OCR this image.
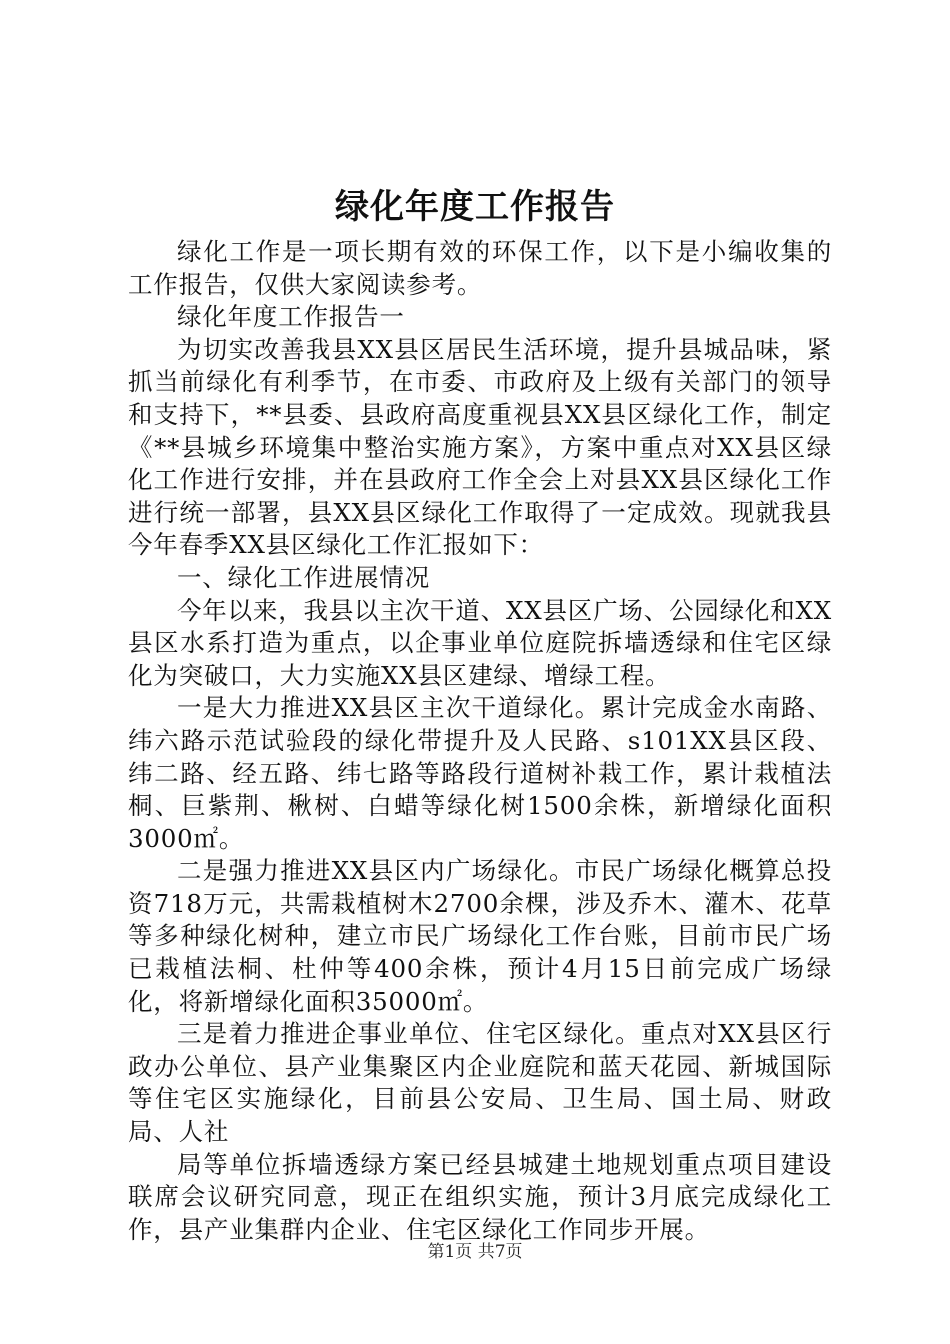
绿化年度工作报告

绿化工作是一项长期有效的环保工作，以下是小编收集的工作报告，仅供大家阅读参考。

绿化年度工作报告一

为切实改善我县XX县区居民生活环境，提升县城品味，紧抓当前绿化有利季节，在市委、市政府及上级有关部门的领导和支持下，**县委、县政府高度重视县XX县区绿化工作，制定《**县城乡环境集中整治实施方案》，方案中重点对XX县区绿化工作进行安排，并在县政府工作全会上对县XX县区绿化工作进行统一部署，县XX县区绿化工作取得了一定成效。现就我县今年春季XX县区绿化工作汇报如下：

一、绿化工作进展情况

今年以来，我县以主次干道、XX县区广场、公园绿化和XX县区水系打造为重点，以企事业单位庭院拆墙透绿和住宅区绿化为突破口，大力实施XX县区建绿、增绿工程。

一是大力推进XX县区主次干道绿化。累计完成金水南路、纬六路示范试验段的绿化带提升及人民路、s101XX县区段、纬二路、经五路、纬七路等路段行道树补栽工作，累计栽植法桐、巨紫荆、楸树、白蜡等绿化树1500余株，新增绿化面积3000㎡。

二是强力推进XX县区内广场绿化。市民广场绿化概算总投资718万元，共需栽植树木2700余棵，涉及乔木、灌木、花草等多种绿化树种，建立市民广场绿化工作台账，目前市民广场已栽植法桐、杜仲等400余株，预计4月15日前完成广场绿化，将新增绿化面积35000㎡。

三是着力推进企事业单位、住宅区绿化。重点对XX县区行政办公单位、县产业集聚区内企业庭院和蓝天花园、新城国际等住宅区实施绿化，目前县公安局、卫生局、国土局、财政局、人社

局等单位拆墙透绿方案已经县城建土地规划重点项目建设联席会议研究同意，现正在组织实施，预计3月底完成绿化工作，县产业集群内企业、住宅区绿化工作同步开展。

第1页 共7页
